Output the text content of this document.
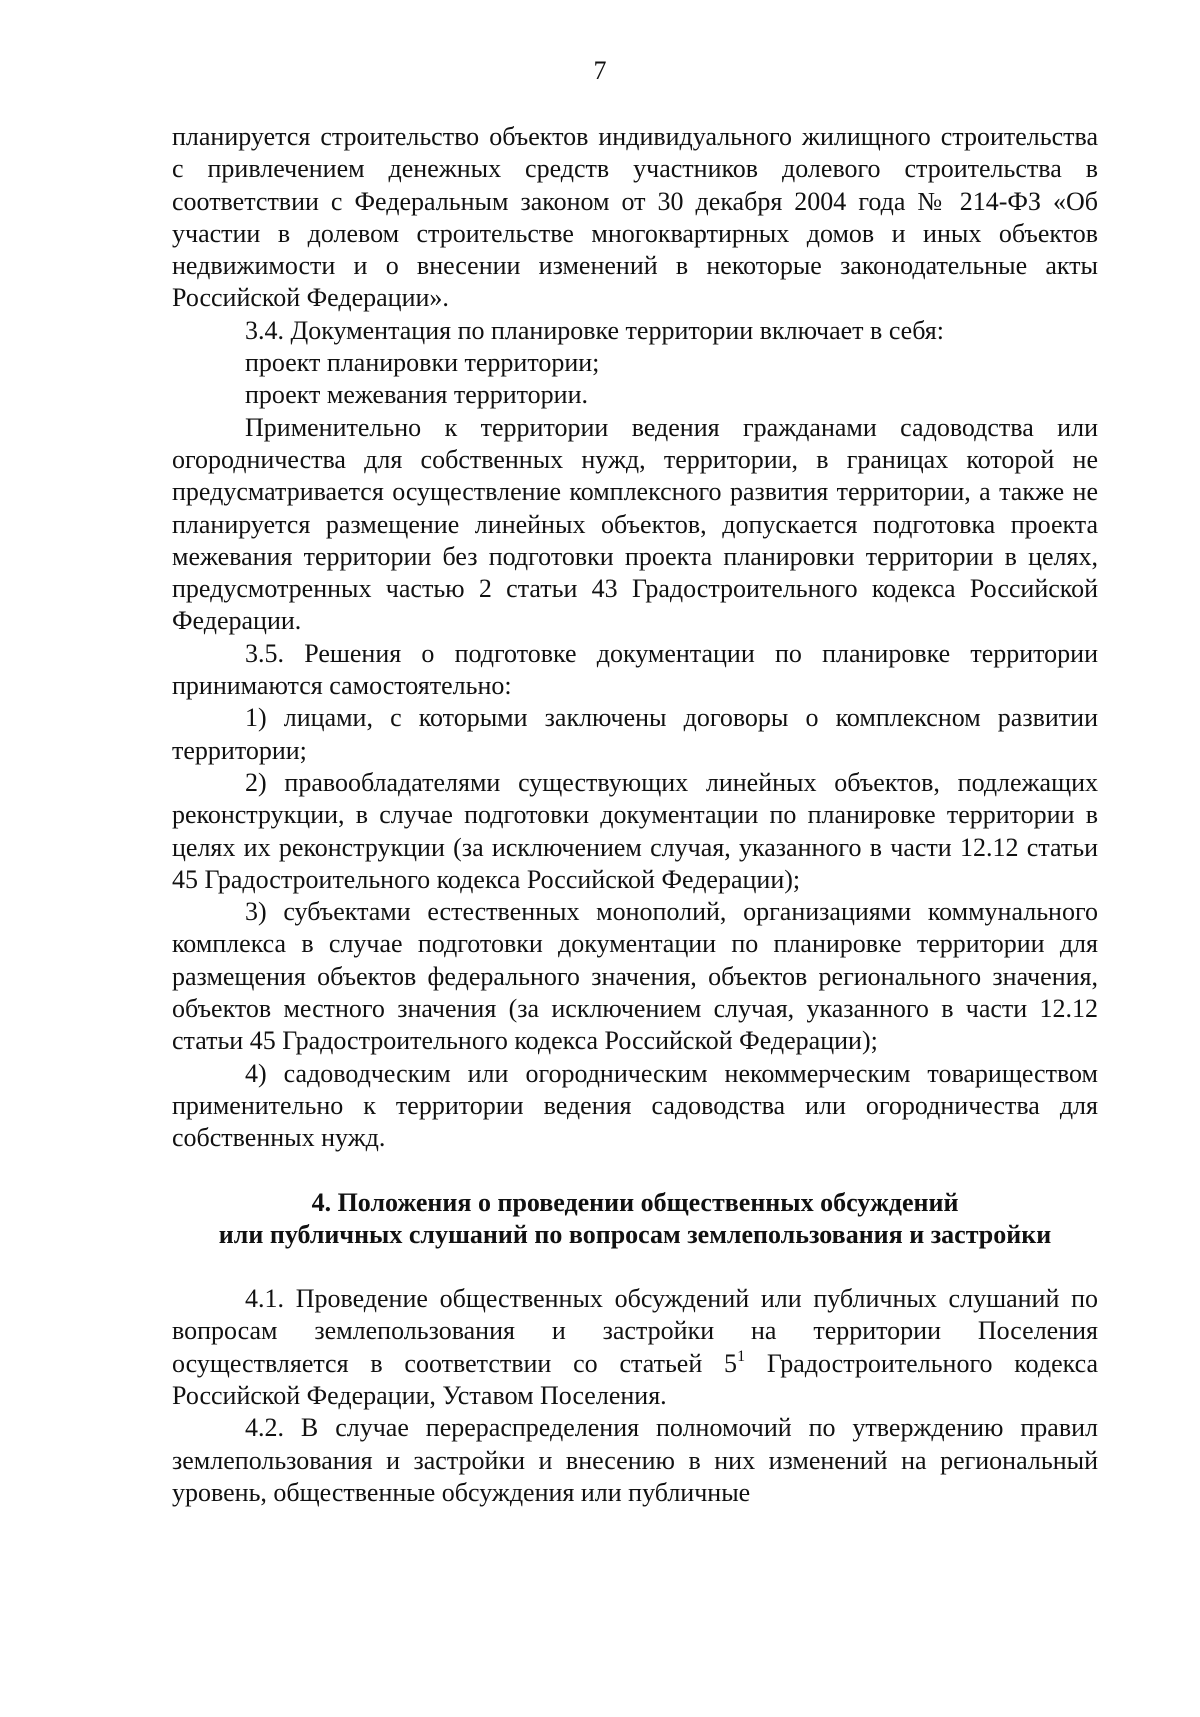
7

планируется строительство объектов индивидуального жилищного строительства с привлечением денежных средств участников долевого строительства в соответствии с Федеральным законом от 30 декабря 2004 года № 214-ФЗ «Об участии в долевом строительстве многоквартирных домов и иных объектов недвижимости и о внесении изменений в некоторые законодательные акты Российской Федерации».

3.4. Документация по планировке территории включает в себя:

проект планировки территории;

проект межевания территории.

Применительно к территории ведения гражданами садоводства или огородничества для собственных нужд, территории, в границах которой не предусматривается осуществление комплексного развития территории, а также не планируется размещение линейных объектов, допускается подготовка проекта межевания территории без подготовки проекта планировки территории в целях, предусмотренных частью 2 статьи 43 Градостроительного кодекса Российской Федерации.

3.5. Решения о подготовке документации по планировке территории принимаются самостоятельно:

1) лицами, с которыми заключены договоры о комплексном развитии территории;

2) правообладателями существующих линейных объектов, подлежащих реконструкции, в случае подготовки документации по планировке территории в целях их реконструкции (за исключением случая, указанного в части 12.12 статьи 45 Градостроительного кодекса Российской Федерации);

3) субъектами естественных монополий, организациями коммунального комплекса в случае подготовки документации по планировке территории для размещения объектов федерального значения, объектов регионального значения, объектов местного значения (за исключением случая, указанного в части 12.12 статьи 45 Градостроительного кодекса Российской Федерации);

4) садоводческим или огородническим некоммерческим товариществом применительно к территории ведения садоводства или огородничества для собственных нужд.

4. Положения о проведении общественных обсуждений

или публичных слушаний по вопросам землепользования и застройки

4.1. Проведение общественных обсуждений или публичных слушаний по вопросам землепользования и застройки на территории Поселения осуществляется в соответствии со статьей $5^1$ Градостроительного кодекса Российской Федерации, Уставом Поселения.

4.2. В случае перераспределения полномочий по утверждению правил землепользования и застройки и внесению в них изменений на региональный уровень, общественные обсуждения или публичные
